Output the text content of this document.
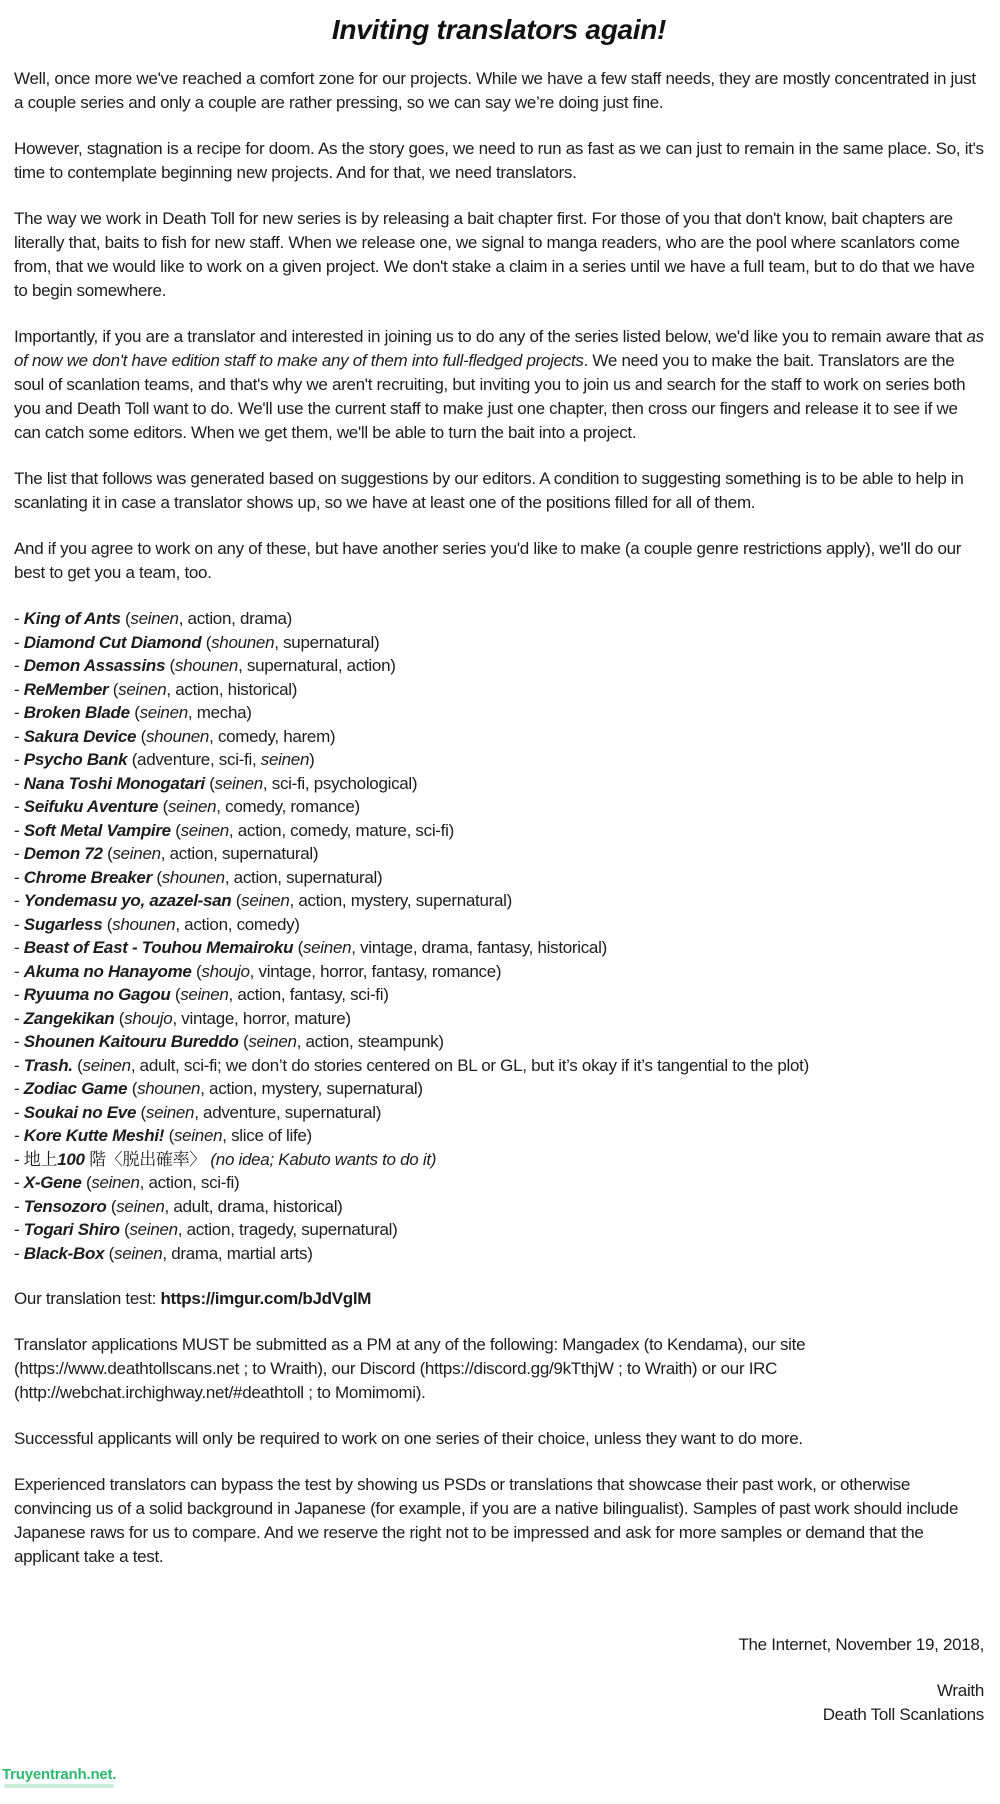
Inviting translators again!

Well, once more we've reached a comfort zone for our projects. While we have a few staff needs, they are mostly concentrated in just a couple series and only a couple are rather pressing, so we can say we’re doing just fine.

However, stagnation is a recipe for doom. As the story goes, we need to run as fast as we can just to remain in the same place. So, it's time to contemplate beginning new projects. And for that, we need translators.

The way we work in Death Toll for new series is by releasing a bait chapter first. For those of you that don't know, bait chapters are literally that, baits to fish for new staff. When we release one, we signal to manga readers, who are the pool where scanlators come from, that we would like to work on a given project. We don't stake a claim in a series until we have a full team, but to do that we have to begin somewhere.

Importantly, if you are a translator and interested in joining us to do any of the series listed below, we'd like you to remain aware that as of now we don't have edition staff to make any of them into full-fledged projects. We need you to make the bait. Translators are the soul of scanlation teams, and that's why we aren't recruiting, but inviting you to join us and search for the staff to work on series both you and Death Toll want to do. We'll use the current staff to make just one chapter, then cross our fingers and release it to see if we can catch some editors. When we get them, we'll be able to turn the bait into a project.

The list that follows was generated based on suggestions by our editors. A condition to suggesting something is to be able to help in scanlating it in case a translator shows up, so we have at least one of the positions filled for all of them.

And if you agree to work on any of these, but have another series you'd like to make (a couple genre restrictions apply), we'll do our best to get you a team, too.

- King of Ants (seinen, action, drama)
- Diamond Cut Diamond (shounen, supernatural)
- Demon Assassins (shounen, supernatural, action)
- ReMember (seinen, action, historical)
- Broken Blade (seinen, mecha)
- Sakura Device (shounen, comedy, harem)
- Psycho Bank (adventure, sci-fi, seinen)
- Nana Toshi Monogatari (seinen, sci-fi, psychological)
- Seifuku Aventure (seinen, comedy, romance)
- Soft Metal Vampire (seinen, action, comedy, mature, sci-fi)
- Demon 72 (seinen, action, supernatural)
- Chrome Breaker (shounen, action, supernatural)
- Yondemasu yo, azazel-san (seinen, action, mystery, supernatural)
- Sugarless (shounen, action, comedy)
- Beast of East - Touhou Memairoku (seinen, vintage, drama, fantasy, historical)
- Akuma no Hanayome (shoujo, vintage, horror, fantasy, romance)
- Ryuuma no Gagou (seinen, action, fantasy, sci-fi)
- Zangekikan (shoujo, vintage, horror, mature)
- Shounen Kaitouru Bureddo (seinen, action, steampunk)
- Trash. (seinen, adult, sci-fi; we don’t do stories centered on BL or GL, but it’s okay if it’s tangential to the plot)
- Zodiac Game (shounen, action, mystery, supernatural)
- Soukai no Eve (seinen, adventure, supernatural)
- Kore Kutte Meshi! (seinen, slice of life)
- 地上100 階〈脱出確率〉 (no idea; Kabuto wants to do it)
- X-Gene (seinen, action, sci-fi)
- Tensozoro (seinen, adult, drama, historical)
- Togari Shiro (seinen, action, tragedy, supernatural)
- Black-Box (seinen, drama, martial arts)

Our translation test: https://imgur.com/bJdVglM

Translator applications MUST be submitted as a PM at any of the following: Mangadex (to Kendama), our site (https://www.deathtollscans.net ; to Wraith), our Discord (https://discord.gg/9kTthjW ; to Wraith) or our IRC (http://webchat.irchighway.net/#deathtoll ; to Momimomi).

Successful applicants will only be required to work on one series of their choice, unless they want to do more.

Experienced translators can bypass the test by showing us PSDs or translations that showcase their past work, or otherwise convincing us of a solid background in Japanese (for example, if you are a native bilingualist). Samples of past work should include Japanese raws for us to compare. And we reserve the right not to be impressed and ask for more samples or demand that the applicant take a test.

The Internet, November 19, 2018,

Wraith

Death Toll Scanlations

Truyentranh.net.
